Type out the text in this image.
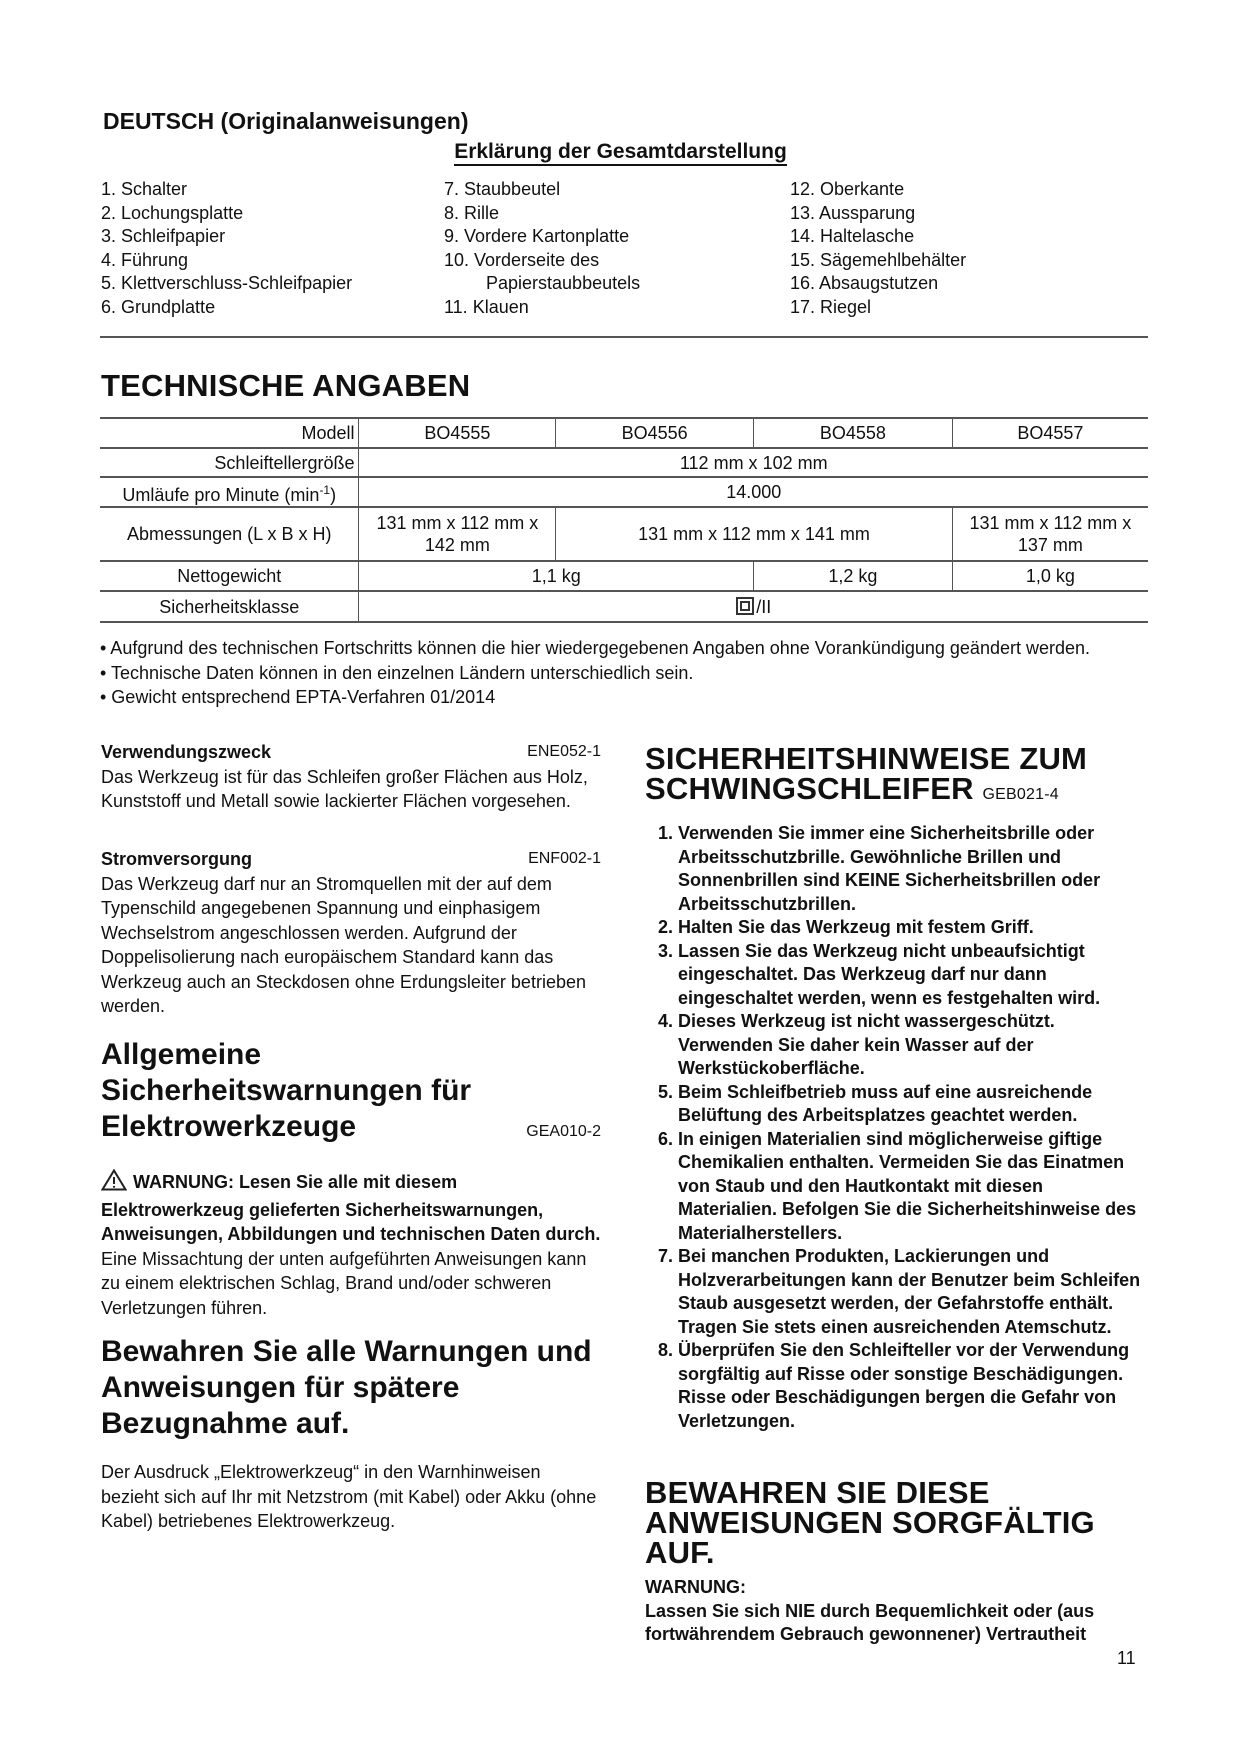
DEUTSCH (Originalanweisungen)
Erklärung der Gesamtdarstellung
1. Schalter
2. Lochungsplatte
3. Schleifpapier
4. Führung
5. Klettverschluss-Schleifpapier
6. Grundplatte
7. Staubbeutel
8. Rille
9. Vordere Kartonplatte
10. Vorderseite des
Papierstaubbeutels
11. Klauen
12. Oberkante
13. Aussparung
14. Haltelasche
15. Sägemehlbehälter
16. Absaugstutzen
17. Riegel
TECHNISCHE ANGABEN
Modell	BO4555	BO4556	BO4558	BO4557
Schleiftellergröße	112 mm x 102 mm			
Umläufe pro Minute $(\min^{-1})$	14.000			
Abmessungen (L x B x H)	131 mm x 112 mm x 142 mm	131 mm x 112 mm x 141 mm		131 mm x 112 mm x 137 mm
Nettogewicht	1,1 kg		1,2 kg	1,0 kg
Sicherheitsklasse	/II			
• Aufgrund des technischen Fortschritts können die hier wiedergegebenen Angaben ohne Vorankündigung geändert werden.
• Technische Daten können in den einzelnen Ländern unterschiedlich sein.
• Gewicht entsprechend EPTA-Verfahren 01/2014
Verwendungszweck	ENE052-1
Das Werkzeug ist für das Schleifen großer Flächen aus Holz, Kunststoff und Metall sowie lackierter Flächen vorgesehen.
Stromversorgung	ENF002-1
Das Werkzeug darf nur an Stromquellen mit der auf dem Typenschild angegebenen Spannung und einphasigem Wechselstrom angeschlossen werden. Aufgrund der Doppelisolierung nach europäischem Standard kann das Werkzeug auch an Steckdosen ohne Erdungsleiter betrieben werden.
Allgemeine
Sicherheitswarnungen für
Elektrowerkzeuge	GEA010-2
WARNUNG: Lesen Sie alle mit diesem Elektrowerkzeug gelieferten Sicherheitswarnungen, Anweisungen, Abbildungen und technischen Daten durch. Eine Missachtung der unten aufgeführten Anweisungen kann zu einem elektrischen Schlag, Brand und/oder schweren Verletzungen führen.
Bewahren Sie alle Warnungen und Anweisungen für spätere Bezugnahme auf.
Der Ausdruck „Elektrowerkzeug“ in den Warnhinweisen bezieht sich auf Ihr mit Netzstrom (mit Kabel) oder Akku (ohne Kabel) betriebenes Elektrowerkzeug.
SICHERHEITSHINWEISE ZUM
SCHWINGSCHLEIFER GEB021-4
1. Verwenden Sie immer eine Sicherheitsbrille oder Arbeitsschutzbrille. Gewöhnliche Brillen und Sonnenbrillen sind KEINE Sicherheitsbrillen oder Arbeitsschutzbrillen.
2. Halten Sie das Werkzeug mit festem Griff.
3. Lassen Sie das Werkzeug nicht unbeaufsichtigt eingeschaltet. Das Werkzeug darf nur dann eingeschaltet werden, wenn es festgehalten wird.
4. Dieses Werkzeug ist nicht wassergeschützt. Verwenden Sie daher kein Wasser auf der Werkstückoberfläche.
5. Beim Schleifbetrieb muss auf eine ausreichende Belüftung des Arbeitsplatzes geachtet werden.
6. In einigen Materialien sind möglicherweise giftige Chemikalien enthalten. Vermeiden Sie das Einatmen von Staub und den Hautkontakt mit diesen Materialien. Befolgen Sie die Sicherheitshinweise des Materialherstellers.
7. Bei manchen Produkten, Lackierungen und Holzverarbeitungen kann der Benutzer beim Schleifen Staub ausgesetzt werden, der Gefahrstoffe enthält. Tragen Sie stets einen ausreichenden Atemschutz.
8. Überprüfen Sie den Schleifteller vor der Verwendung sorgfältig auf Risse oder sonstige Beschädigungen. Risse oder Beschädigungen bergen die Gefahr von Verletzungen.
BEWAHREN SIE DIESE ANWEISUNGEN SORGFÄLTIG AUF.
WARNUNG:
Lassen Sie sich NIE durch Bequemlichkeit oder (aus fortwährendem Gebrauch gewonnener) Vertrautheit
11
